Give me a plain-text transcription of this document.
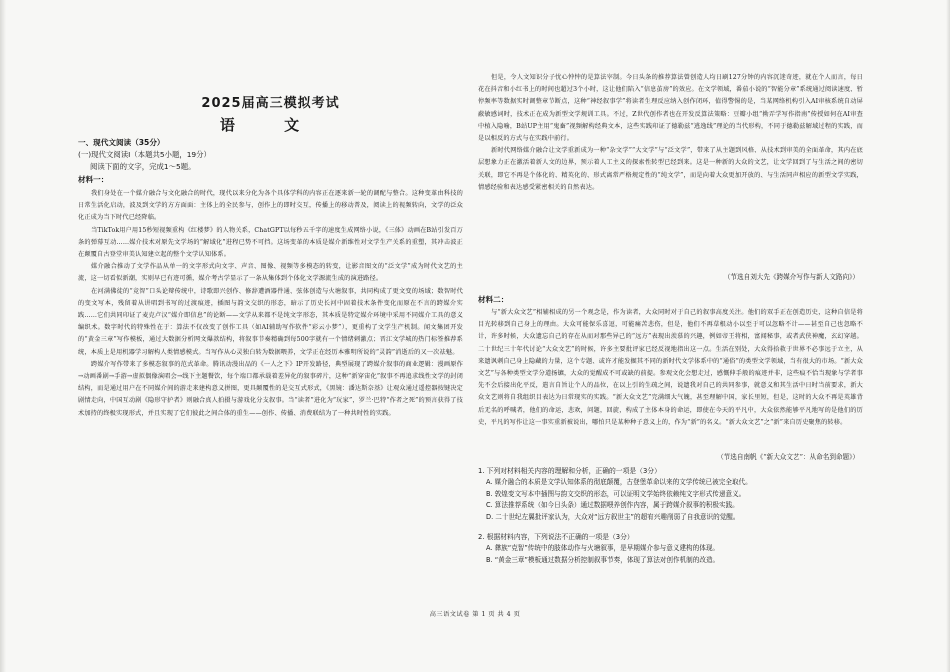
2025届高三模拟考试
语 文
一、现代文阅读（35分）
(一)现代文阅读Ⅰ（本题共5小题，19分）
阅读下面的文字，完成1～5题。
材料一：

我们身处在一个媒介融合与文化融合的时代，现代以来分化为各个具体学科的内容正在逐来新一轮的调配与整合。这种变革由科技的日常生活化启动，波及到文学的方方面面：主体上的全民参与，创作上的即时交互，传播上的移动普及，阅读上的视频转向，文学的泛众化正成为当下时代已经降临。

当TikTok用户用15秒短视频重构《红楼梦》的人物关系，ChatGPT以每秒五千字的速度生成网络小说，《三体》动画在B站引发百万条的弹幕互动……媒介技术对原先文学场的“解域化”进程已势不可挡。这场变革的本质是媒介新维性对文学生产关系的重塑，其冲击波正在颠覆自古登堂审美认知建立起的整个文学认知体系。

媒介融合推动了文学作品从单一的文字形式向文字、声音、图像、视频等多模态的转变，让影音图文的“泛文学”成为时代文艺的主流，这一切看似新潮，实则早已有迹可循，媒介考古学显示了一条从集体到个体化文学源流生成的演进路径。

在河满佛徒的“竞智”口头论辩传统中，诗歌即兴创作、修辞遭酒器件通、弦体创造与火塘叙事，共同构成了更文变的场域；数智时代的变文写本，残留着从讲唱到书写的过渡痕迹，插图与韵文交织的形态，暗示了历史长河中固着技术条件变化而原在不言的跨媒介实践……它们共同印证了麦克卢汉“媒介即信息”的论断——文学从来都不是纯文字形态，其本质是特定媒介环境中采用不同媒介工具的意义编织术。数字时代的特殊性在于：算法不仅改变了创作工具（如AI辅助写作软件“彩云小梦”），更重构了文学生产机制。闻文集团开发的“黄金三章”写作模板，通过大数据分析网文爆款结构，将叙事节奏精确到每500字就有一个情绪刺激点；晋江文学城的热门标签推荐系统，本质上是用机器学习解构人类情感模式。当写作从心灵独白转为数据喂养，文学正在经历本雅明所说的“灵韵”消逝后的又一次祛魅。

跨媒介写作带来了多模态叙事的范式革命。腾讯动漫出品的《一人之下》IP开发路径，典型展现了跨媒介叙事的商业逻辑：漫画原作→动画番剧→手游→虚拟偶像演唱会→线下主题餐饮，每个端口都承载着差异化的叙事碎片，这种“新穿宙化”叙事不再追求线性文学的封闭结构，而是通过用户在不同媒介间的游走来建构意义拼图，更具颠覆性的是交互式形式，《黑镜：潘达斯奈基》让观众通过遥控器按键决定剧情走向，中国互动剧《隐形守护者》则融合真人拍摄与游戏化分支叙事。当“读者”进化为“玩家”，罗兰·巴特“作者之死”的预言获得了技术加持的终极实现形式，并且实现了它们彼此之间合体的重生——创作、传播、消费联结为了一种共时性的实践。

但是，令人文知识分子忧心忡忡的是算法宰制。今日头条的推荐算法曾创造人均日刷127分钟的内容沉迷奇迹，就在个人而言，每日花在抖音和小红书上的时间也超过3个小时，这让他们陷入“信息茧房”的效应。在文学领域，番茄小说的“智能分章”系统通过阅读速度、暂停频率等数据实时调整章节断点，这种“神经叙事学”将读者生理反应纳入创作闭环，值得警惕的是，当某网络机构引入AI审核系统自动屏蔽敏感词时，技术正在成为新型文学规训工具。不过，Z世代创作者也在开发反算法策略：豆瓣小组“拗弄学写作指南”传授如何在AI审查中植入隐喻，B站UP主用“鬼畜”视频解构经典文本，这些实践印证了德勒兹“逃逸线”理论的当代形构，不同于德勒兹解域过程的实践，而是以相反的方式与在实践中前行。

新时代网络媒介融合让文学重新成为一种“杂文学”“大文学”与“泛文学”，带来了从主题到风格、从技术到审美的全面革命，其内在底层想象力正在激活着新人文的边界，预示着人工主义的探索性转型已经到来。这是一种新的大众的文艺，让文学回到了与生活之间的密切关联，即它不再是个体化的、精英化的、形式离常严格规定性的“纯文学”，而是向着大众更加开放的、与生活同声相应的新型文学实践，情感经验和表达感受紧密相关的自然表达。

（节选自刘大先《跨媒介写作与新人文路向》）
材料二：

与“新大众文艺”相辅相成的另一个观念是，作为读者，大众同时对于自己的叙事高度关注。他们的双手正在创造历史，这种自信是将目光转移到自己身上的理由。大众可能保乐喜逗，可能痛苦悲伤，但是，他们不再草根动小以至于可以忽略不计——甚至自己也忽略不计，许多时候，大众遗忘自己的存在从而对那些异己的“远方”表现出羡慕的兴趣，例如帝王将相，富闻秘事，或者武侠神魔，玄幻穿越。二十世纪三十年代讨论“大众文艺”的时候，许多主要批评家已经反视地指出这一点。生活在别处，大众得拾救于世界不必事远于立主，从来遗讽刺自己身上隐藏的力量，这个专题、或许才能发掘其不同的新时代文学体系中的“通俗”的类型文学领域，当有很大的市场。“新大众文艺”与各种类型文学分道扬镳，大众的觉醒成不可或缺的前提。参观文化会想走过，感慨伸手般的痕迹并非，这些痕不恰当现象与学者事先不会后接出化平反，遣言自旨让个人的品位，在以上引的生疏之间，说遗我对自己的共同参事，就意义和其生活中日时当前要求，新大众文艺则将自我组织目表达为日常现实的实践。“新大众文艺”完满细大气魄，甚至理解中国，家长里短，但是，这时的大众不再是英雄背后无名的呼喊者，他们的命运，悲欢，问题，回旋，构成了主体本身的命运，即使在今天的平凡中，大众依然能够平凡地写的是他们的历史，平凡的写作让这一事实重新被说出，哪怕只是某种种子意义上的，作为“新”的名义。“新大众文艺”之“新”来自历史聚焦的转移。

（节选自南帆《“新大众文艺”：从命名到命题》）
1. 下列对材料相关内容的理解和分析，正确的一项是（3分）
A. 媒介融合的本质是文学认知体系的彻底颠覆，古登堡革命以来的文学传统已被完全取代。
B. 敦煌变文写本中插图与韵文交织的形态，可以证明文学始终依赖纯文字形式传递意义。
C. 算法推荐系统（如今日头条）通过数据喂养创作内容，属于跨媒介叙事的积极实践。
D. 二十世纪左翼批评家认为，大众对“远方叙世主”的超宥兴趣削弱了自我意识的觉醒。
2. 根据材料内容，下列说法不正确的一项是（3分）
A. 彝族“克智”传统中的肢体动作与火塘叙事，是早期媒介参与意义建构的体现。
B. “黄金三章”模板通过数据分析控制叙事节奏，体现了算法对创作机制的改造。
高三语文试卷 第 1 页 共 4 页
